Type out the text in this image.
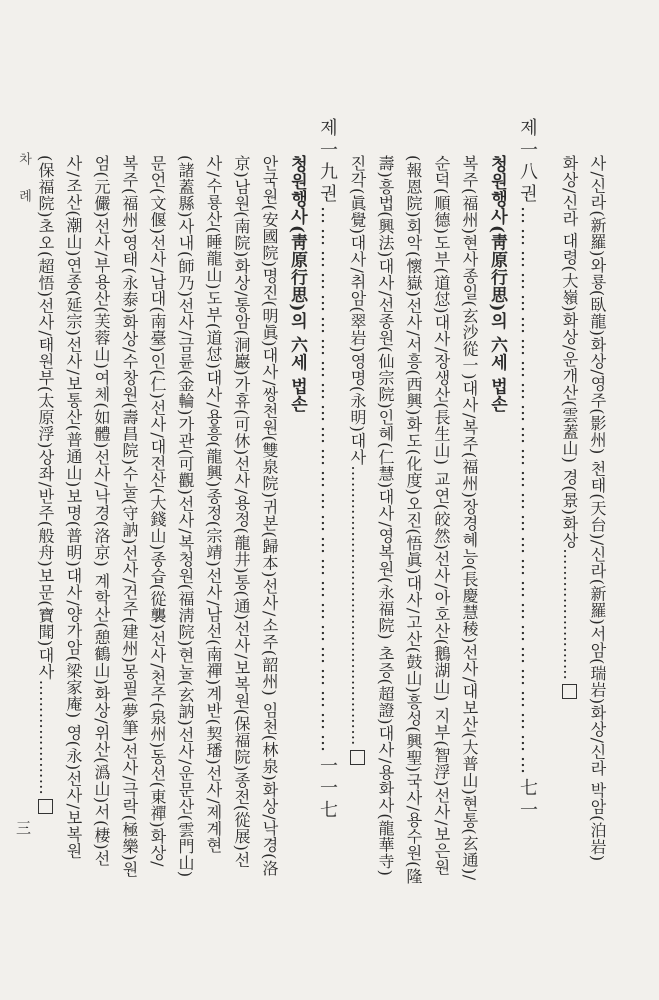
차 례
三	사/신라(新羅)와룡(臥龍)화상/영주(影州) 천태(天台)/신라(新羅)서암(瑞岩)화상/신라 박암(泊岩)
화상/신라 대령(大嶺)화상/운개산(雲蓋山) 경(景)화상……………………
제一八권……………………………………………………………………七一
청원행사(靑原行思)의 六세 법손
복주(福州)현사종일(玄沙從一)대사/복주(福州)장경혜능(長慶慧稜)선사/대보산(大普山)현통(玄通)/
순덕(順德)도부(道怤)대사/장생산(長生山) 교연(皎然)선사/아호산(鵝湖山) 지부(智浮)선사/보은원
(報恩院)회악(懷嶽)선사/서흥(西興)화도(化度)오진(悟眞)대사/고산(鼓山)흥성(興聖)국사/용수원(隆
壽)흥법(興法)대사/선종원(仙宗院)인혜(仁慧)대사/영복원(永福院) 초증(超證)대사/용화사(龍華寺)
진각(眞覺)대사/취암(翠岩)영명(永明)대사……………………………………………
제一九권…………………………………………………………………一一七
청원행사(靑原行思)의 六세 법손
안국원(安國院)명진(明眞)대사/쌍천원(雙泉院)귀본(歸本)선사/소주(韶州) 임천(林泉)화상/낙경(洛
京)남원(南院)화상/통암(洞巖)가휴(可休)선사/용정(龍井)통(通)선사/보복원(保福院)종전(從展)선
사/수룡산(睡龍山)도부(道怤)대사/용흥(龍興)종정(宗靖)선사/남선(南禪)계반(契璠)선사/제계현
(諸蓋縣)사내(師乃)선사/금륜(金輪)가관(可觀)선사/복청원(福淸院)현눌(玄訥)선사/운문산(雲門山)
문언(文偃)선사/남대(南臺)인(仁)선사/대전산(大錢山)종습(從襲)선사/천주(泉州)동선(東禪)화상/
복주(福州)영태(永泰)화상/수창원(壽昌院)수눌(守訥)선사/건주(建州)몽필(夢筆)선사/극락(極樂)원
엄(元儼)선사/부용산(芙蓉山)여체(如體)선사/낙경(洛京) 계학산(憩鶴山)화상/위산(潙山)서(棲)선
사/조산(潮山)연종(延宗)선사/보통산(普通山)보명(普明)대사/양가암(梁家庵) 영(永)선사/보복원
(保福院)초오(超悟)선사/태원부(太原浮)상좌/반주(般舟)보문(寶聞)대사…………………
